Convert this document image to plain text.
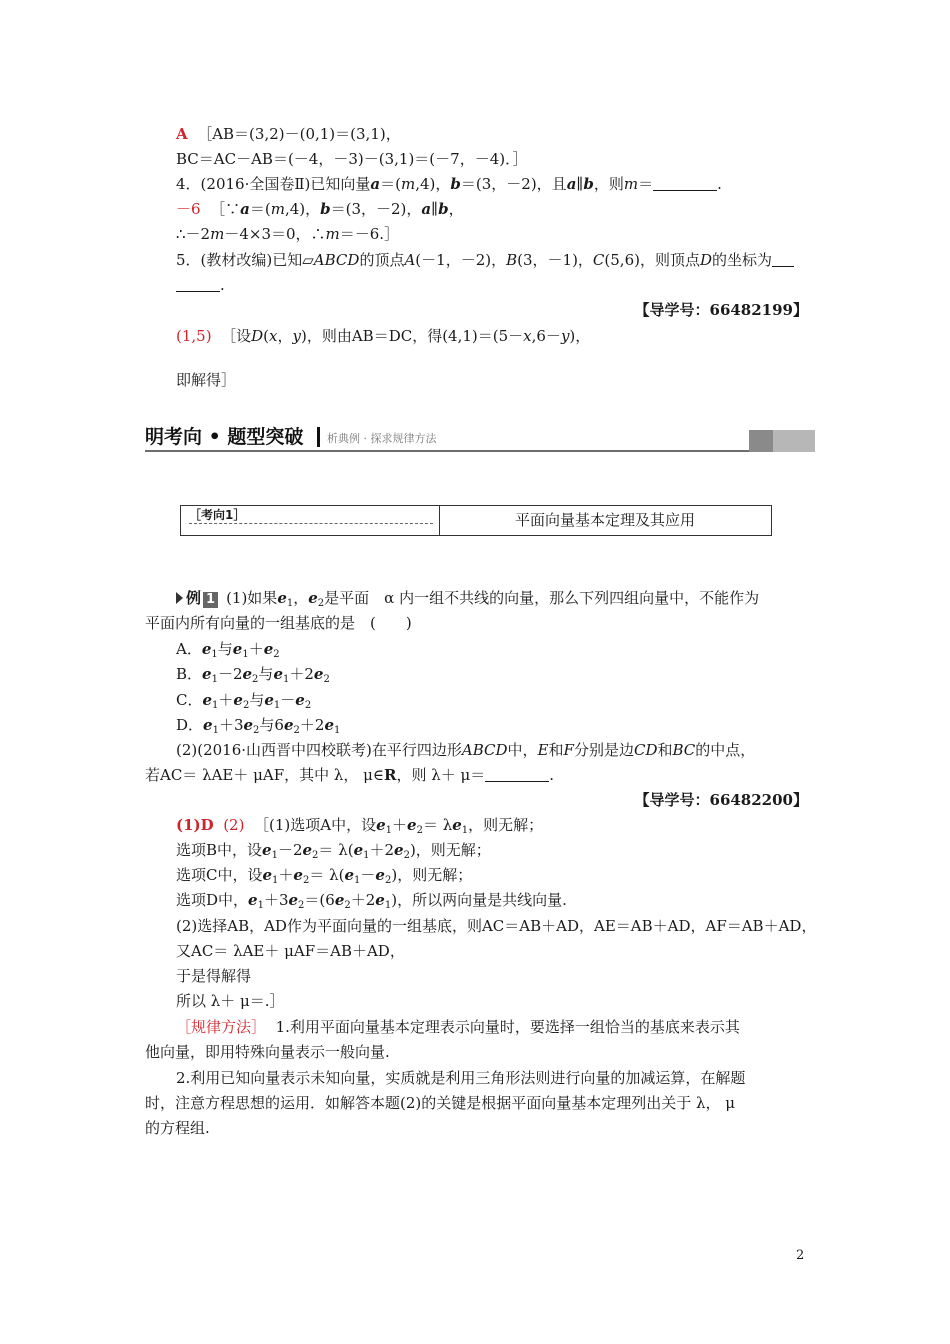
A ［AB＝(3,2)－(0,1)＝(3,1)，
BC＝AC－AB＝(－4，－3)－(3,1)＝(－7，－4)．］
4．(2016·全国卷Ⅱ)已知向量a＝(m,4)，b＝(3，－2)，且a∥b，则m＝	.
－6 ［∵a＝(m,4)，b＝(3，－2)，a∥b，
∴－2m－4×3＝0，∴m＝－6.］
5．(教材改编)已知▱ABCD的顶点A(－1，－2)，B(3，－1)，C(5,6)，则顶点D的坐标为
.
【导学号：66482199】
(1,5) ［设D(x，y)，则由AB＝DC，得(4,1)＝(5－x,6－y)，
即解得］
明考向 • 题型突破 析典例 · 探求规律方法
［考向1］	平面向量基本定理及其应用
例 1 (1)如果$e_1$，$e_2$是平面　α 内一组不共线的向量，那么下列四组向量中，不能作为
平面内所有向量的一组基底的是　(　　)
A．$e_1$与$e_1+e_2$
B．$e_1-2e_2$与$e_1+2e_2$
C．$e_1+e_2$与$e_1-e_2$
D．$e_1+3e_2$与$6e_2+2e_1$
(2)(2016·山西晋中四校联考)在平行四边形ABCD中，E和F分别是边CD和BC的中点，
若AC＝ λAE＋ μAF，其中 λ， μ∈R，则 λ＋ μ＝	.
【导学号：66482200】
(1)D (2) ［(1)选项A中，设$e_1+e_2= \lambda e_1$，则无解；
选项B中，设$e_1-2e_2= \lambda(e_1+2e_2)$，则无解；
选项C中，设$e_1+e_2= \lambda(e_1-e_2)$，则无解；
选项D中，$e_1+3e_2=(6e_2+2e_1)$，所以两向量是共线向量.
(2)选择AB，AD作为平面向量的一组基底，则AC＝AB＋AD，AE＝AB＋AD，AF＝AB＋AD，
又AC＝ λAE＋ μAF＝AB＋AD，
于是得解得
所以 λ＋ μ＝.］
［规律方法］ 1.利用平面向量基本定理表示向量时，要选择一组恰当的基底来表示其
他向量，即用特殊向量表示一般向量.
2.利用已知向量表示未知向量，实质就是利用三角形法则进行向量的加减运算，在解题
时，注意方程思想的运用．如解答本题(2)的关键是根据平面向量基本定理列出关于 λ， μ
的方程组.
2
